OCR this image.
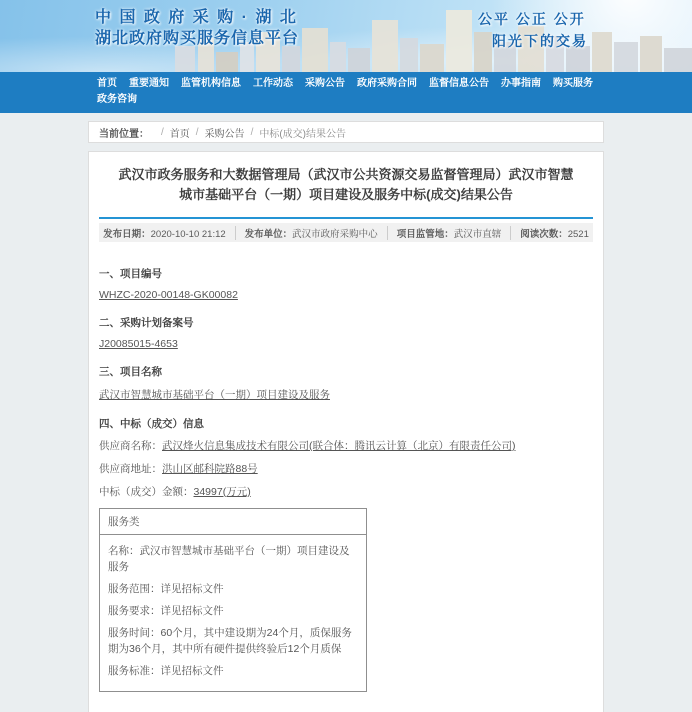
中 国 政 府 采 购 · 湖 北
湖北政府购买服务信息平台
公平 公正 公开
阳光下的交易
首页 重要通知 监管机构信息 工作动态 采购公告 政府采购合同 监督信息公告 办事指南 购买服务
政务咨询
当前位置： / 首页 / 采购公告 / 中标(成交)结果公告
武汉市政务服务和大数据管理局（武汉市公共资源交易监督管理局）武汉市智慧城市基础平台（一期）项目建设及服务中标(成交)结果公告
发布日期：2020-10-10 21:12	发布单位：武汉市政府采购中心	项目监管地：武汉市直辖	阅读次数：2521
一、项目编号
WHZC-2020-00148-GK00082
二、采购计划备案号
J20085015-4653
三、项目名称
武汉市智慧城市基础平台（一期）项目建设及服务
四、中标（成交）信息
供应商名称：武汉烽火信息集成技术有限公司(联合体：腾讯云计算（北京）有限责任公司)
供应商地址：洪山区邮科院路88号
中标（成交）金额：34997(万元)
服务类
名称：武汉市智慧城市基础平台（一期）项目建设及服务
服务范围：详见招标文件
服务要求：详见招标文件
服务时间：60个月，其中建设期为24个月，质保服务期为36个月，其中所有硬件提供终验后12个月质保
服务标准：详见招标文件
